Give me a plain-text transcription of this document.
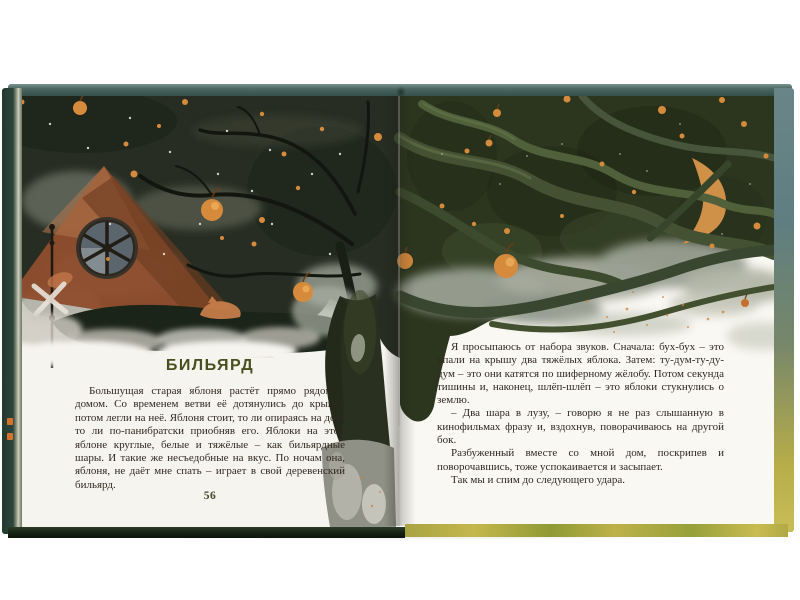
БИЛЬЯРД

Большущая старая яблоня растёт прямо рядом с домом. Со временем ветви её дотянулись до крыши, потом легли на неё. Яблоня стоит, то ли опираясь на дом, то ли по-панибратски приобняв его. Яблоки на этой яблоне круглые, белые и тяжёлые – как бильярдные шары. И такие же несъедобные на вкус. По ночам она, яблоня, не даёт мне спать – играет в свой деревенский бильярд.

56

Я просыпаюсь от набора звуков. Сначала: бух-бух – это упали на крышу два тяжёлых яблока. Затем: ту-дум-ту-ду-дум – это они катятся по шиферному жёлобу. Потом секунда тишины и, наконец, шлёп-шлёп – это яблоки стукнулись о землю.

– Два шара в лузу, – говорю я не раз слышанную в кинофильмах фразу и, вздохнув, поворачиваюсь на другой бок.

Разбуженный вместе со мной дом, поскрипев и поворочавшись, тоже успокаивается и засыпает.

Так мы и спим до следующего удара.
